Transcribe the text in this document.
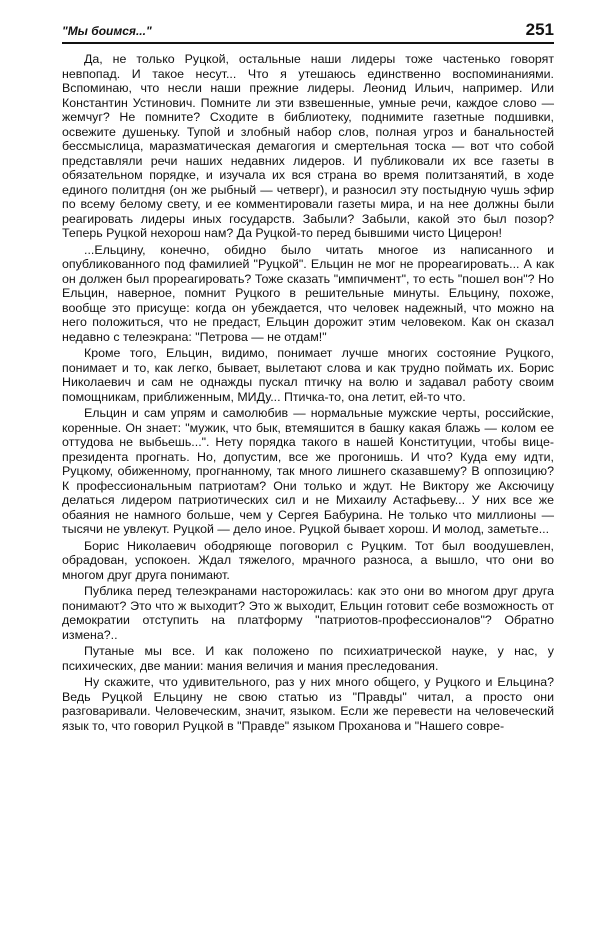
"Мы боимся..."	251

Да, не только Руцкой, остальные наши лидеры тоже частенько говорят невпопад. И такое несут... Что я утешаюсь единственно воспоминаниями. Вспоминаю, что несли наши прежние лидеры. Леонид Ильич, например. Или Константин Устинович. Помните ли эти взвешенные, умные речи, каждое слово — жемчуг? Не помните? Сходите в библиотеку, поднимите газетные подшивки, освежите душеньку. Тупой и злобный набор слов, полная угроз и банальностей бессмыслица, маразматическая демагогия и смертельная тоска — вот что собой представляли речи наших недавних лидеров. И публиковали их все газеты в обязательном порядке, и изучала их вся страна во время политзанятий, в ходе единого политдня (он же рыбный — четверг), и разносил эту постыдную чушь эфир по всему белому свету, и ее комментировали газеты мира, и на нее должны были реагировать лидеры иных государств. Забыли? Забыли, какой это был позор? Теперь Руцкой нехорош нам? Да Руцкой-то перед бывшими чисто Цицерон!

...Ельцину, конечно, обидно было читать многое из написанного и опубликованного под фамилией "Руцкой". Ельцин не мог не прореагировать... А как он должен был прореагировать? Тоже сказать "импичмент", то есть "пошел вон"? Но Ельцин, наверное, помнит Руцкого в решительные минуты. Ельцину, похоже, вообще это присуще: когда он убеждается, что человек надежный, что можно на него положиться, что не предаст, Ельцин дорожит этим человеком. Как он сказал недавно с телеэкрана: "Петрова — не отдам!"

Кроме того, Ельцин, видимо, понимает лучше многих состояние Руцкого, понимает и то, как легко, бывает, вылетают слова и как трудно поймать их. Борис Николаевич и сам не однажды пускал птичку на волю и задавал работу своим помощникам, приближенным, МИДу... Птичка-то, она летит, ей-то что.

Ельцин и сам упрям и самолюбив — нормальные мужские черты, российские, коренные. Он знает: "мужик, что бык, втемяшится в башку какая блажь — колом ее оттудова не выбьешь...". Нету порядка такого в нашей Конституции, чтобы вице-президента прогнать. Но, допустим, все же прогонишь. И что? Куда ему идти, Руцкому, обиженному, прогнанному, так много лишнего сказавшему? В оппозицию? К профессиональным патриотам? Они только и ждут. Не Виктору же Аксючицу делаться лидером патриотических сил и не Михаилу Астафьеву... У них все же обаяния не намного больше, чем у Сергея Бабурина. Не только что миллионы — тысячи не увлекут. Руцкой — дело иное. Руцкой бывает хорош. И молод, заметьте...

Борис Николаевич ободряюще поговорил с Руцким. Тот был воодушевлен, обрадован, успокоен. Ждал тяжелого, мрачного разноса, а вышло, что они во многом друг друга понимают.

Публика перед телеэкранами насторожилась: как это они во многом друг друга понимают? Это что ж выходит? Это ж выходит, Ельцин готовит себе возможность от демократии отступить на платформу "патриотов-профессионалов"? Обратно измена?..

Путаные мы все. И как положено по психиатрической науке, у нас, у психических, две мании: мания величия и мания преследования.

Ну скажите, что удивительного, раз у них много общего, у Руцкого и Ельцина? Ведь Руцкой Ельцину не свою статью из "Правды" читал, а просто они разговаривали. Человеческим, значит, языком. Если же перевести на человеческий язык то, что говорил Руцкой в "Правде" языком Проханова и "Нашего совре-
